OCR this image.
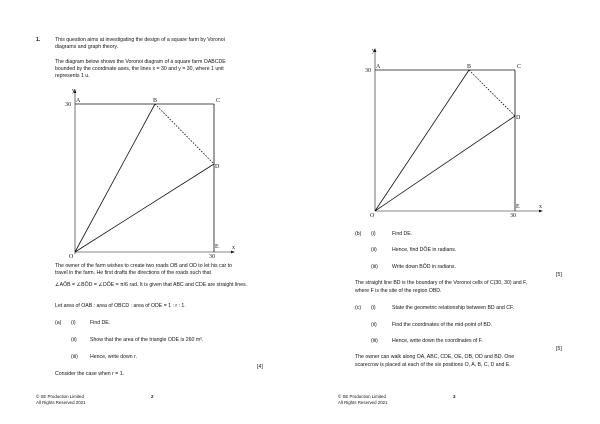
1.	This question aims at investigating the design of a square farm by Voronoi
diagrams and graph theory.
The diagram below shows the Voronoi diagram of a square farm OABCDE
bounded by the coordinate axes, the lines x = 30 and y = 30, where 1 unit
represents 1 u.
y
x
A	B	C
D
E
O
30
30
The owner of the farm wishes to create two roads OB and OD to let his car to
travel in the farm. He first drafts the directions of the roads such that
∠AÔB = ∠BÔD = ∠DÔE = π/6 rad. It is given that ABC and CDE are straight lines.
Let area of OAB : area of OBCD : area of ODE = 1 : r : 1.
(a) (i)	Find DE.
(ii)	Show that the area of the triangle ODE is 260 m².
(iii) Hence, write down r.
[4]
Consider the case when r = 1.
© SE Production Limited
All Rights Reserved 2021
2
y
x
A	B	C
D
E
O
30
30
(b) (i)	Find DE.
(ii)	Hence, find DÔE in radians.
(iii)	Write down BÔD in radians.
[5]
The straight line BD is the boundary of the Voronoi cells of C(30, 30) and F,
where F is the site of the region OBD.
(c) (i)	State the geometric relationship between BD and CF.
(ii)	Find the coordinates of the mid-point of BD.
(iii)	Hence, write down the coordinates of F.
[5]
The owner can walk along OA, ABC, CDE, OE, OB, OD and BD. One
scarecrow is placed at each of the six positions O, A, B, C, D and E.
© SE Production Limited
All Rights Reserved 2021
3
